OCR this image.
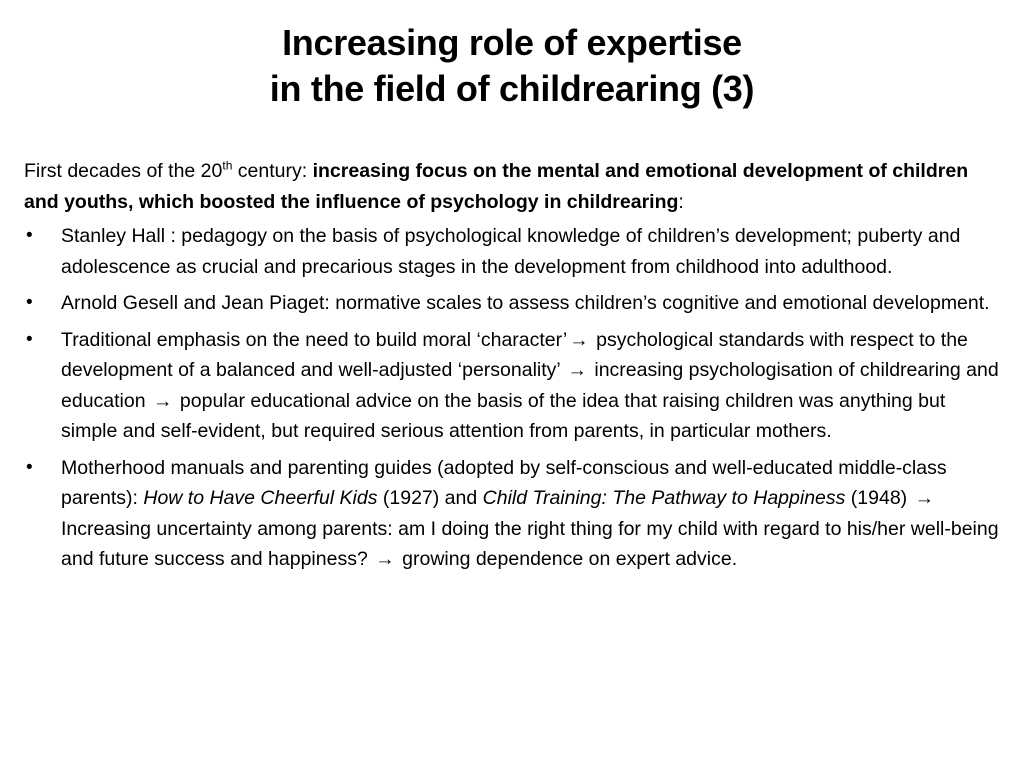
Increasing role of expertise
in the field of childrearing (3)

First decades of the 20th century: increasing focus on the mental and emotional development of children and youths, which boosted the influence of psychology in childrearing:

• Stanley Hall : pedagogy on the basis of psychological knowledge of children’s development; puberty and adolescence as crucial and precarious stages in the development from childhood into adulthood.
• Arnold Gesell and Jean Piaget: normative scales to assess children’s cognitive and emotional development.
• Traditional emphasis on the need to build moral ‘character’ → psychological standards with respect to the development of a balanced and well-adjusted ‘personality’ → increasing psychologisation of childrearing and education → popular educational advice on the basis of the idea that raising children was anything but simple and self-evident, but required serious attention from parents, in particular mothers.
• Motherhood manuals and parenting guides (adopted by self-conscious and well-educated middle-class parents): How to Have Cheerful Kids (1927) and Child Training: The Pathway to Happiness (1948) → Increasing uncertainty among parents: am I doing the right thing for my child with regard to his/her well-being and future success and happiness? → growing dependence on expert advice.
